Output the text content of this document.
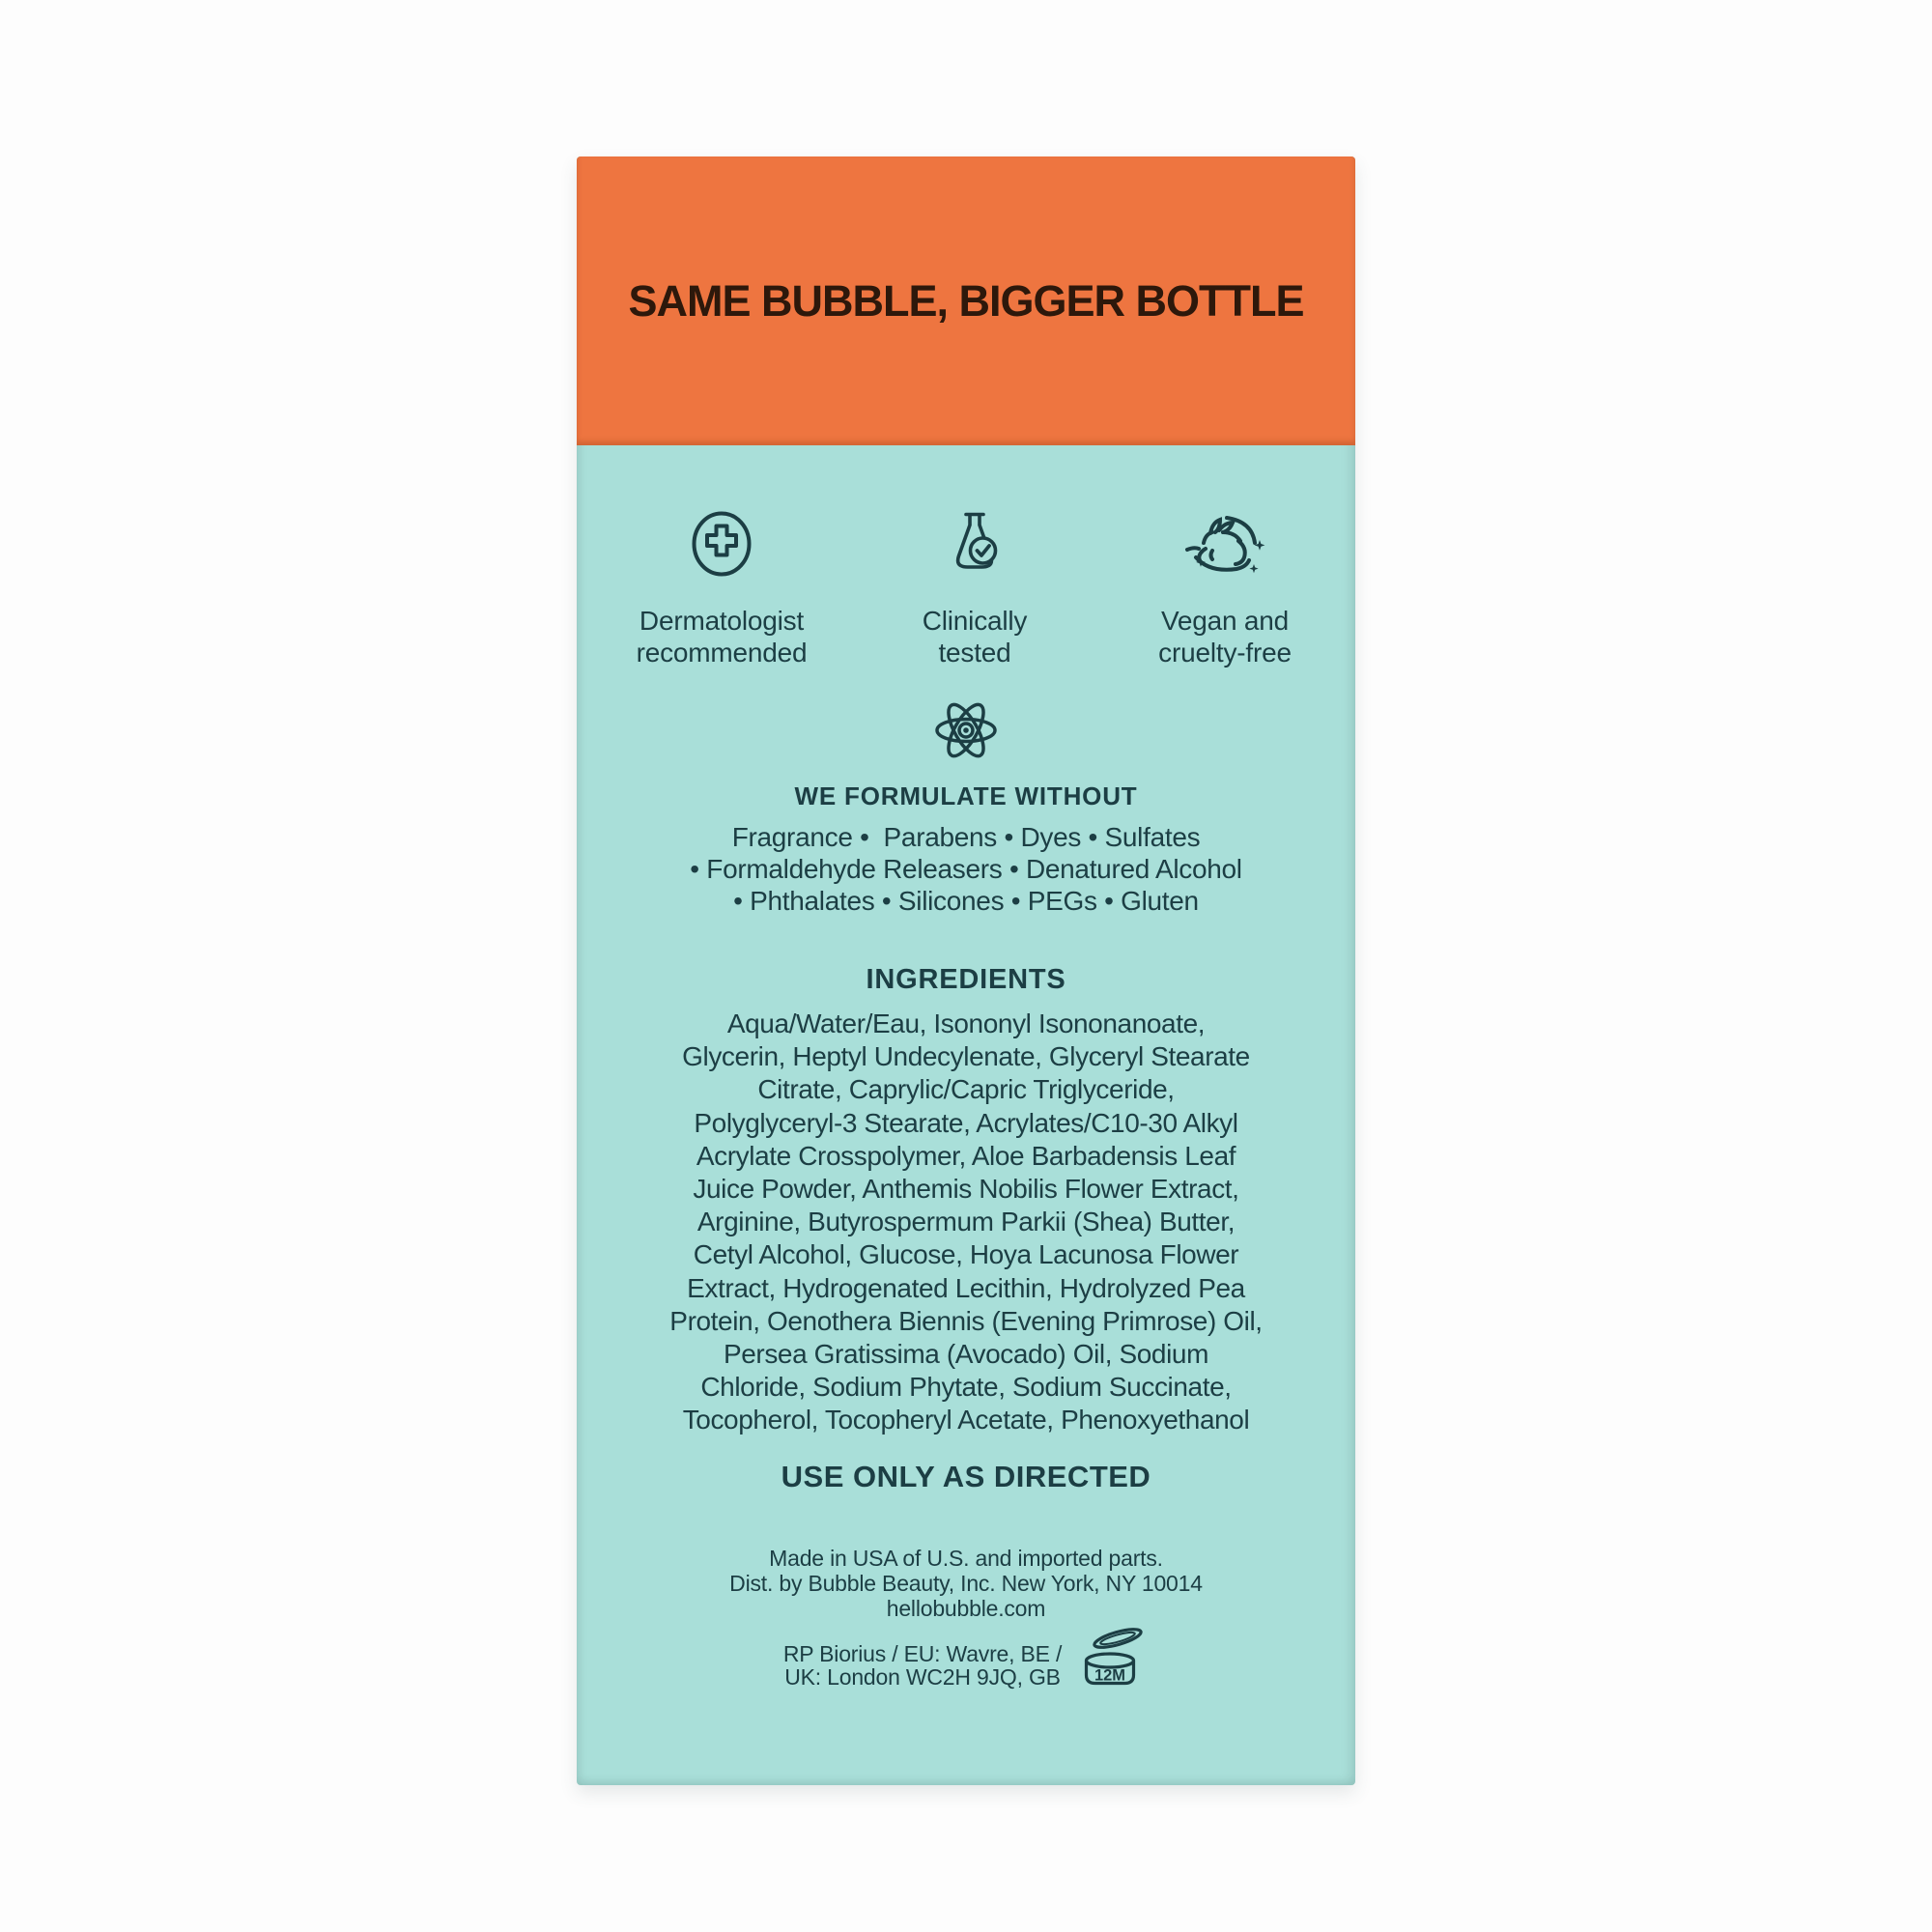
SAME BUBBLE, BIGGER BOTTLE
Dermatologist
recommended
Clinically
tested
Vegan and
cruelty-free
WE FORMULATE WITHOUT
Fragrance •  Parabens • Dyes • Sulfates
• Formaldehyde Releasers • Denatured Alcohol
• Phthalates • Silicones • PEGs • Gluten
INGREDIENTS
Aqua/Water/Eau, Isononyl Isononanoate,
Glycerin, Heptyl Undecylenate, Glyceryl Stearate
Citrate, Caprylic/Capric Triglyceride,
Polyglyceryl-3 Stearate, Acrylates/C10-30 Alkyl
Acrylate Crosspolymer, Aloe Barbadensis Leaf
Juice Powder, Anthemis Nobilis Flower Extract,
Arginine, Butyrospermum Parkii (Shea) Butter,
Cetyl Alcohol, Glucose, Hoya Lacunosa Flower
Extract, Hydrogenated Lecithin, Hydrolyzed Pea
Protein, Oenothera Biennis (Evening Primrose) Oil,
Persea Gratissima (Avocado) Oil, Sodium
Chloride, Sodium Phytate, Sodium Succinate,
Tocopherol, Tocopheryl Acetate, Phenoxyethanol
USE ONLY AS DIRECTED
Made in USA of U.S. and imported parts.
Dist. by Bubble Beauty, Inc. New York, NY 10014
hellobubble.com
RP Biorius / EU: Wavre, BE /
UK: London WC2H 9JQ, GB 12M
